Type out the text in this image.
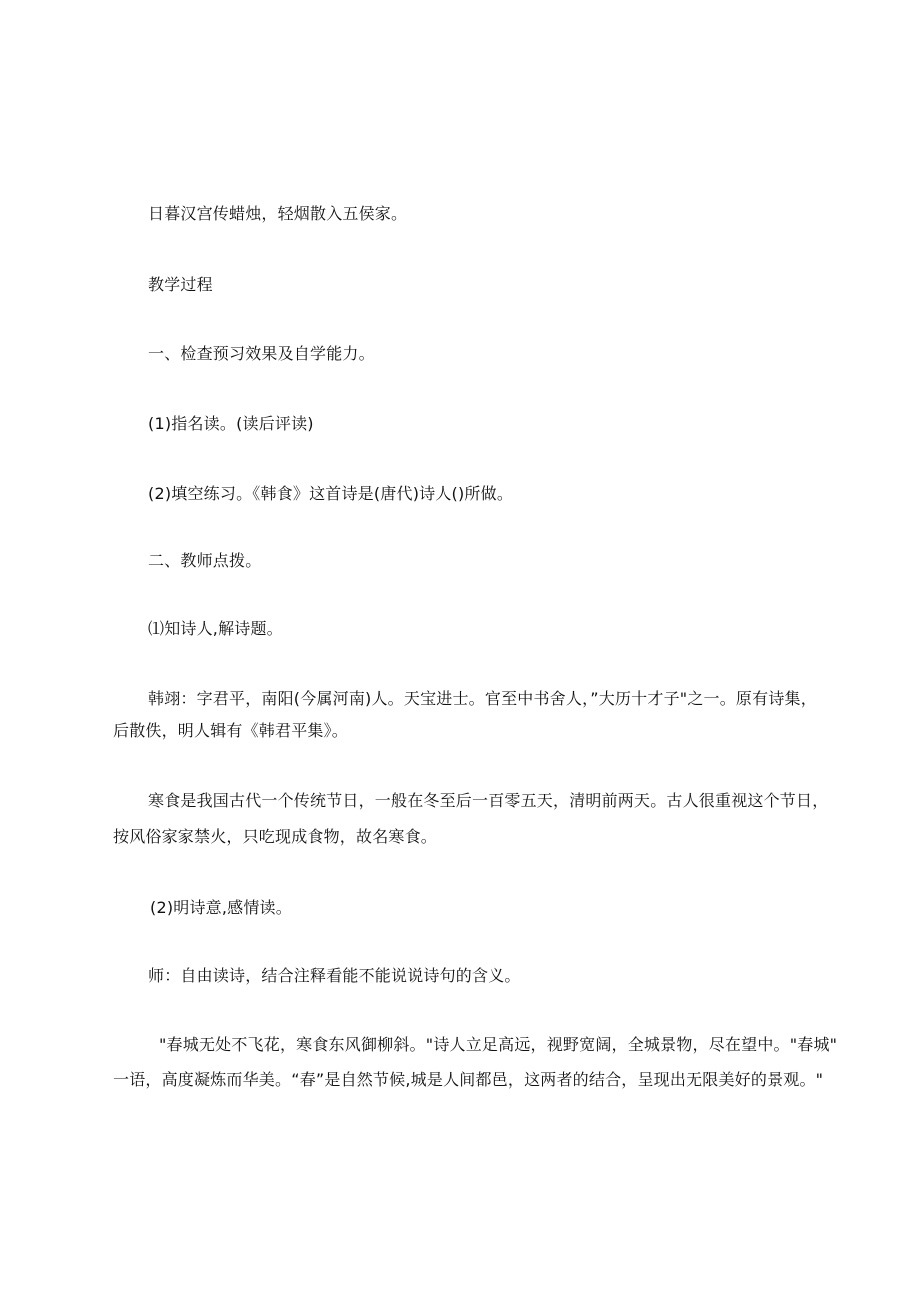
日暮汉宫传蜡烛，轻烟散入五侯家。
教学过程
一、检查预习效果及自学能力。
(1)指名读。(读后评读)
(2)填空练习。《韩食》这首诗是(唐代)诗人()所做。
二、教师点拨。
⑴知诗人,解诗题。
韩翊：字君平，南阳(今属河南)人。天宝进士。官至中书舍人，”大历十才子"之一。原有诗集，
后散佚，明人辑有《韩君平集》。
寒食是我国古代一个传统节日，一般在冬至后一百零五天，清明前两天。古人很重视这个节日，
按风俗家家禁火，只吃现成食物，故名寒食。
(2)明诗意,感情读。
师：自由读诗，结合注释看能不能说说诗句的含义。
"春城无处不飞花，寒食东风御柳斜。"诗人立足高远，视野宽阔，全城景物，尽在望中。"春城"
一语，高度凝炼而华美。“春”是自然节候,城是人间都邑，这两者的结合，呈现出无限美好的景观。"
